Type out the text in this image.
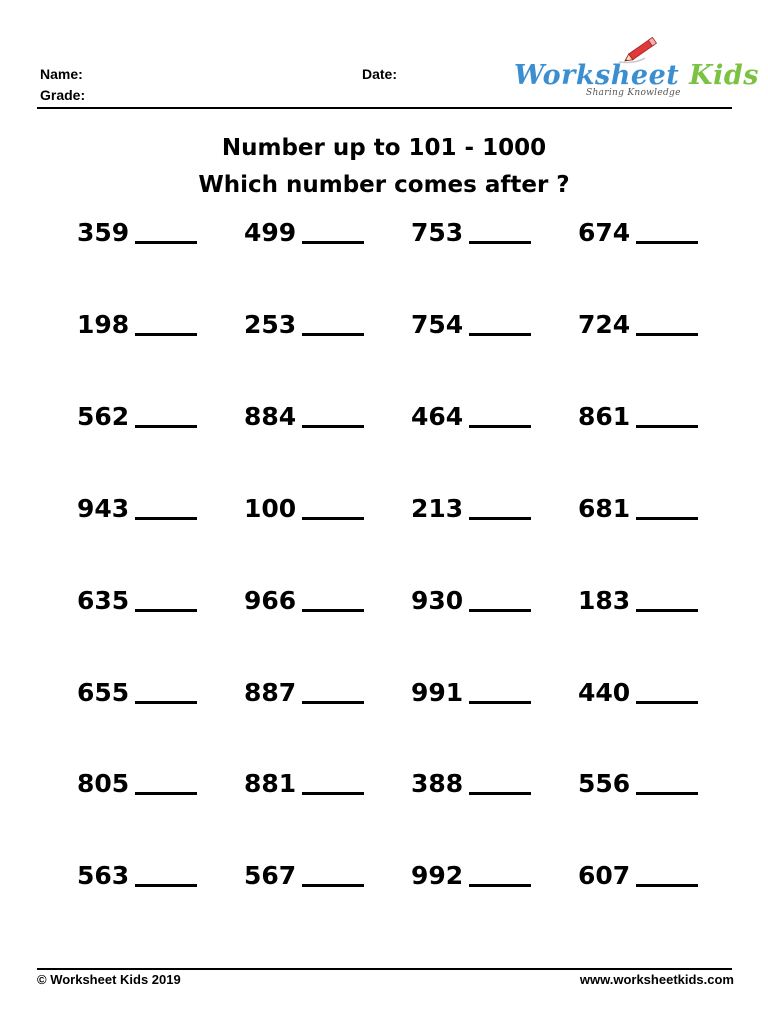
Name:
Grade:
Date:	Worksheet Kids
Sharing Knowledge
Number up to 101 - 1000
Which number comes after ?
359	499	753	674
198	253	754	724
562	884	464	861
943	100	213	681
635	966	930	183
655	887	991	440
805	881	388	556
563	567	992	607
© Worksheet Kids 2019	www.worksheetkids.com
